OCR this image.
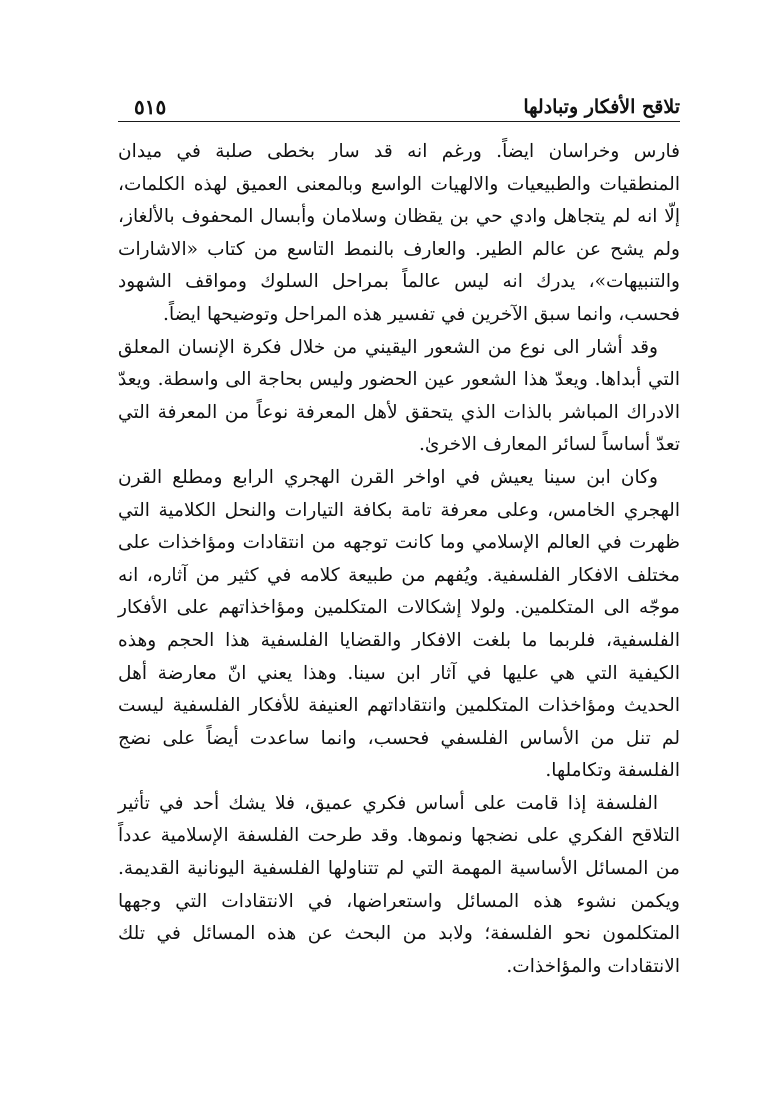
تلاقح الأفكار وتبادلها
٥١٥

فارس وخراسان ايضاً. ورغم انه قد سار بخطى صلبة في ميدان المنطقيات والطبيعيات والالهيات الواسع وبالمعنى العميق لهذه الكلمات، إلّا انه لم يتجاهل وادي حي بن يقظان وسلامان وأبسال المحفوف بالألغاز، ولم يشح عن عالم الطير. والعارف بالنمط التاسع من كتاب «الاشارات والتنبيهات»، يدرك انه ليس عالماً بمراحل السلوك ومواقف الشهود فحسب، وانما سبق الآخرين في تفسير هذه المراحل وتوضيحها ايضاً.

وقد أشار الى نوع من الشعور اليقيني من خلال فكرة الإنسان المعلق التي أبداها. ويعدّ هذا الشعور عين الحضور وليس بحاجة الى واسطة. ويعدّ الادراك المباشر بالذات الذي يتحقق لأهل المعرفة نوعاً من المعرفة التي تعدّ أساساً لسائر المعارف الاخرىٰ.

وكان ابن سينا يعيش في اواخر القرن الهجري الرابع ومطلع القرن الهجري الخامس، وعلى معرفة تامة بكافة التيارات والنحل الكلامية التي ظهرت في العالم الإسلامي وما كانت توجهه من انتقادات ومؤاخذات على مختلف الافكار الفلسفية. ويُفهم من طبيعة كلامه في كثير من آثاره، انه موجّه الى المتكلمين. ولولا إشكالات المتكلمين ومؤاخذاتهم على الأفكار الفلسفية، فلربما ما بلغت الافكار والقضايا الفلسفية هذا الحجم وهذه الكيفية التي هي عليها في آثار ابن سينا. وهذا يعني انّ معارضة أهل الحديث ومؤاخذات المتكلمين وانتقاداتهم العنيفة للأفكار الفلسفية ليست لم تنل من الأساس الفلسفي فحسب، وانما ساعدت أيضاً على نضج الفلسفة وتكاملها.

الفلسفة إذا قامت على أساس فكري عميق، فلا يشك أحد في تأثير التلاقح الفكري على نضجها ونموها. وقد طرحت الفلسفة الإسلامية عدداً من المسائل الأساسية المهمة التي لم تتناولها الفلسفية اليونانية القديمة. ويكمن نشوء هذه المسائل واستعراضها، في الانتقادات التي وجهها المتكلمون نحو الفلسفة؛ ولابد من البحث عن هذه المسائل في تلك الانتقادات والمؤاخذات.
